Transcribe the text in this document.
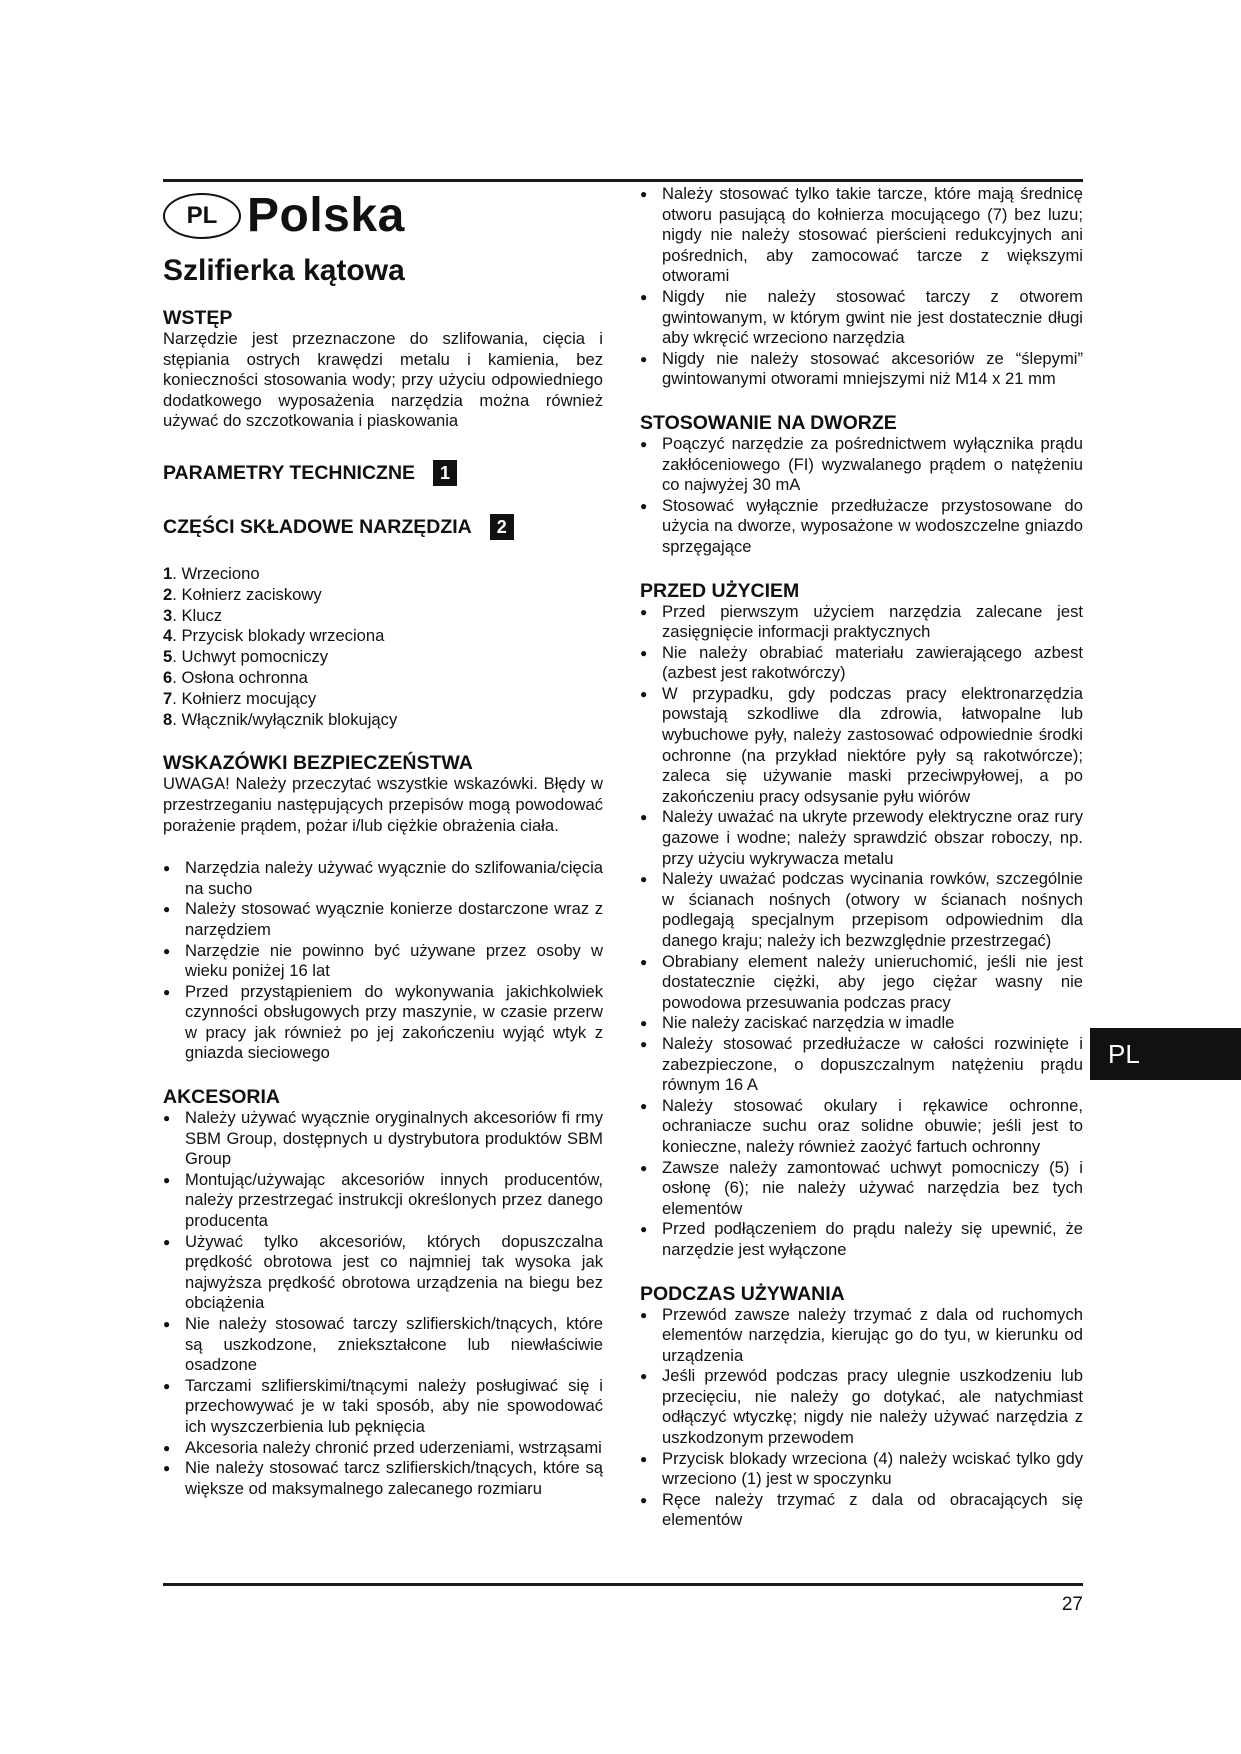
PL Polska
Szlifierka kątowa
WSTĘP

Narzędzie jest przeznaczone do szlifowania, cięcia i stępiania ostrych krawędzi metalu i kamienia, bez konieczności stosowania wody; przy użyciu odpowiedniego dodatkowego wyposażenia narzędzia można również używać do szczotkowania i piaskowania

PARAMETRY TECHNICZNE	1
CZĘŚCI SKŁADOWE NARZĘDZIA	2
1. Wrzeciono
2. Kołnierz zaciskowy
3. Klucz
4. Przycisk blokady wrzeciona
5. Uchwyt pomocniczy
6. Osłona ochronna
7. Kołnierz mocujący
8. Włącznik/wyłącznik blokujący
WSKAZÓWKI BEZPIECZEŃSTWA

UWAGA! Należy przeczytać wszystkie wskazówki. Błędy w przestrzeganiu następujących przepisów mogą powodować porażenie prądem, pożar i/lub ciężkie obrażenia ciała.

● Narzędzia należy używać wyącznie do szlifowania/cięcia na sucho
● Należy stosować wyącznie konierze dostarczone wraz z narzędziem
● Narzędzie nie powinno być używane przez osoby w wieku poniżej 16 lat
● Przed przystąpieniem do wykonywania jakichkolwiek czynności obsługowych przy maszynie, w czasie przerw w pracy jak również po jej zakończeniu wyjąć wtyk z gniazda sieciowego
AKCESORIA
● Należy używać wyącznie oryginalnych akcesoriów fi rmy SBM Group, dostępnych u dystrybutora produktów SBM Group
● Montując/używając akcesoriów innych producentów, należy przestrzegać instrukcji określonych przez danego producenta
● Używać tylko akcesoriów, których dopuszczalna prędkość obrotowa jest co najmniej tak wysoka jak najwyższa prędkość obrotowa urządzenia na biegu bez obciążenia
● Nie należy stosować tarczy szlifierskich/tnących, które są uszkodzone, zniekształcone lub niewłaściwie osadzone
● Tarczami szlifierskimi/tnącymi należy posługiwać się i przechowywać je w taki sposób, aby nie spowodować ich wyszczerbienia lub pęknięcia
● Akcesoria należy chronić przed uderzeniami, wstrząsami
● Nie należy stosować tarcz szlifierskich/tnących, które są większe od maksymalnego zalecanego rozmiaru
● Należy stosować tylko takie tarcze, które mają średnicę otworu pasującą do kołnierza mocującego (7) bez luzu; nigdy nie należy stosować pierścieni redukcyjnych ani pośrednich, aby zamocować tarcze z większymi otworami
● Nigdy nie należy stosować tarczy z otworem gwintowanym, w którym gwint nie jest dostatecznie długi aby wkręcić wrzeciono narzędzia
● Nigdy nie należy stosować akcesoriów ze “ślepymi” gwintowanymi otworami mniejszymi niż M14 x 21 mm
STOSOWANIE NA DWORZE
● Poączyć narzędzie za pośrednictwem wyłącznika prądu zakłóceniowego (FI) wyzwalanego prądem o natężeniu co najwyżej 30 mA
● Stosować wyłącznie przedłużacze przystosowane do użycia na dworze, wyposażone w wodoszczelne gniazdo sprzęgające
PRZED UŻYCIEM
● Przed pierwszym użyciem narzędzia zalecane jest zasięgnięcie informacji praktycznych
● Nie należy obrabiać materiału zawierającego azbest (azbest jest rakotwórczy)
● W przypadku, gdy podczas pracy elektronarzędzia powstają szkodliwe dla zdrowia, łatwopalne lub wybuchowe pyły, należy zastosować odpowiednie środki ochronne (na przykład niektóre pyły są rakotwórcze); zaleca się używanie maski przeciwpyłowej, a po zakończeniu pracy odsysanie pyłu wiórów
● Należy uważać na ukryte przewody elektryczne oraz rury gazowe i wodne; należy sprawdzić obszar roboczy, np. przy użyciu wykrywacza metalu
● Należy uważać podczas wycinania rowków, szczególnie w ścianach nośnych (otwory w ścianach nośnych podlegają specjalnym przepisom odpowiednim dla danego kraju; należy ich bezwzględnie przestrzegać)
● Obrabiany element należy unieruchomić, jeśli nie jest dostatecznie ciężki, aby jego ciężar wasny nie powodowa przesuwania podczas pracy
● Nie należy zaciskać narzędzia w imadle
● Należy stosować przedłużacze w całości rozwinięte i zabezpieczone, o dopuszczalnym natężeniu prądu równym 16 A
● Należy stosować okulary i rękawice ochronne, ochraniacze suchu oraz solidne obuwie; jeśli jest to konieczne, należy również zaożyć fartuch ochronny
● Zawsze należy zamontować uchwyt pomocniczy (5) i osłonę (6); nie należy używać narzędzia bez tych elementów
● Przed podłączeniem do prądu należy się upewnić, że narzędzie jest wyłączone
PODCZAS UŻYWANIA
● Przewód zawsze należy trzymać z dala od ruchomych elementów narzędzia, kierując go do tyu, w kierunku od urządzenia
● Jeśli przewód podczas pracy ulegnie uszkodzeniu lub przecięciu, nie należy go dotykać, ale natychmiast odłączyć wtyczkę; nigdy nie należy używać narzędzia z uszkodzonym przewodem
● Przycisk blokady wrzeciona (4) należy wciskać tylko gdy wrzeciono (1) jest w spoczynku
● Ręce należy trzymać z dala od obracających się elementów
PL
27
